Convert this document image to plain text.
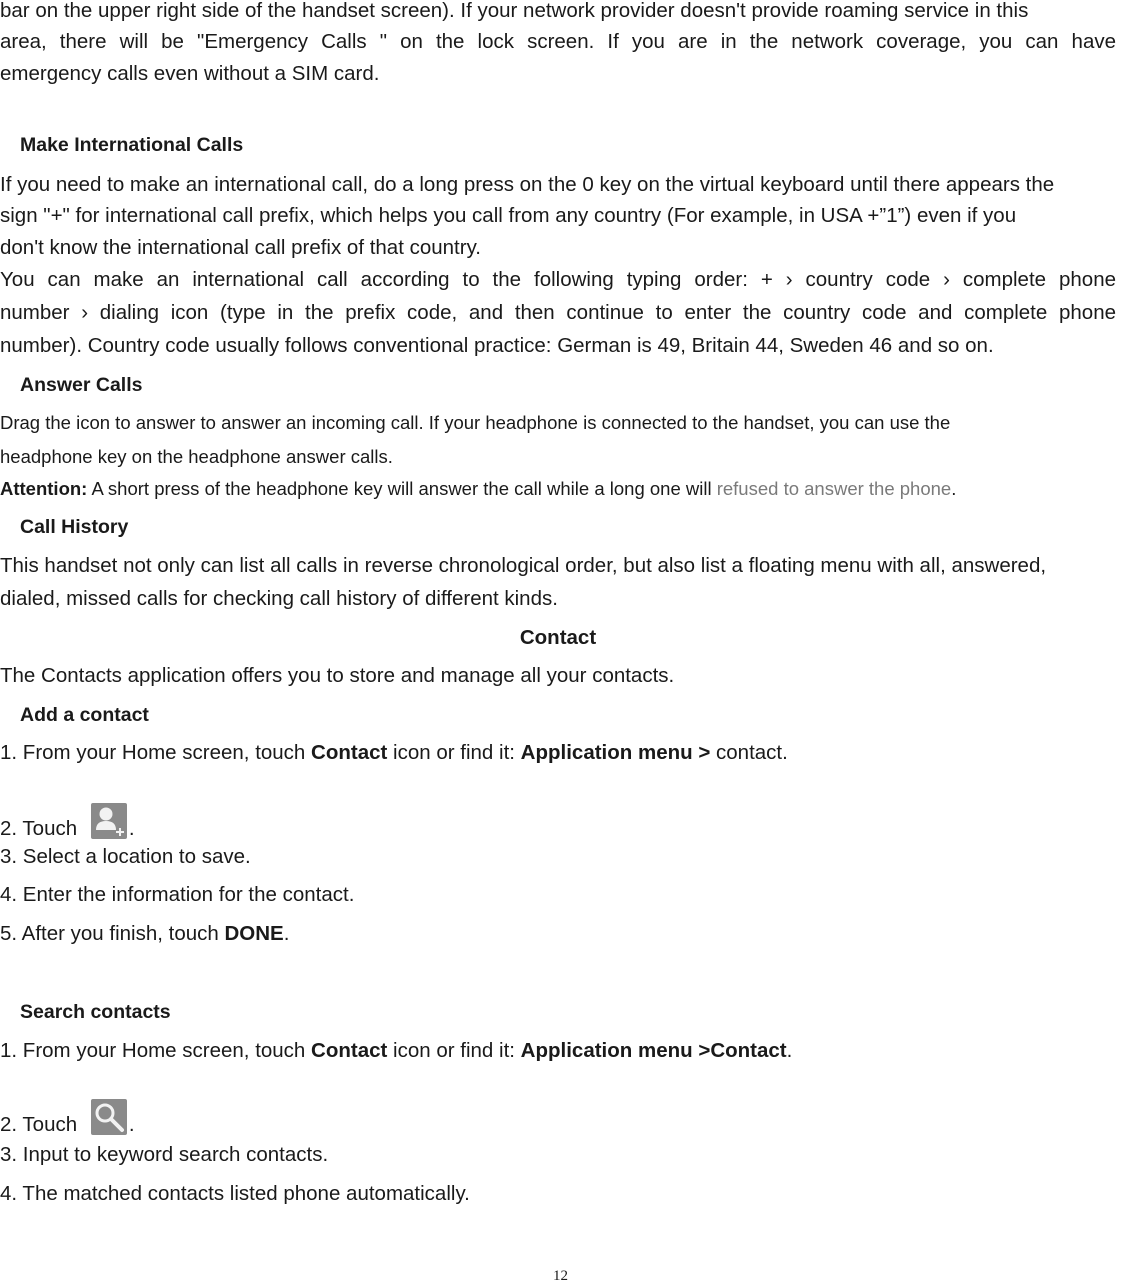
bar on the upper right side of the handset screen). If your network provider doesn't provide roaming service in this
area, there will be "Emergency Calls " on the lock screen. If you are in the network coverage, you can have
emergency calls even without a SIM card.
Make International Calls
If you need to make an international call, do a long press on the 0 key on the virtual keyboard until there appears the
sign "+" for international call prefix, which helps you call from any country (For example, in USA +”1”) even if you
don't know the international call prefix of that country.
You can make an international call according to the following typing order: + › country code › complete phone
number › dialing icon (type in the prefix code, and then continue to enter the country code and complete phone
number). Country code usually follows conventional practice: German is 49, Britain 44, Sweden 46 and so on.
Answer Calls
Drag the icon to answer to answer an incoming call. If your headphone is connected to the handset, you can use the
headphone key on the headphone answer calls.
Attention: A short press of the headphone key will answer the call while a long one will refused to answer the phone.
Call History
This handset not only can list all calls in reverse chronological order, but also list a floating menu with all, answered,
dialed, missed calls for checking call history of different kinds.
Contact
The Contacts application offers you to store and manage all your contacts.
Add a contact
1. From your Home screen, touch Contact icon or find it: Application menu > contact.
2. Touch	.
3. Select a location to save.
4. Enter the information for the contact.
5. After you finish, touch DONE.
Search contacts
1. From your Home screen, touch Contact icon or find it: Application menu >Contact.
2. Touch	.
3. Input to keyword search contacts.
4. The matched contacts listed phone automatically.
12
